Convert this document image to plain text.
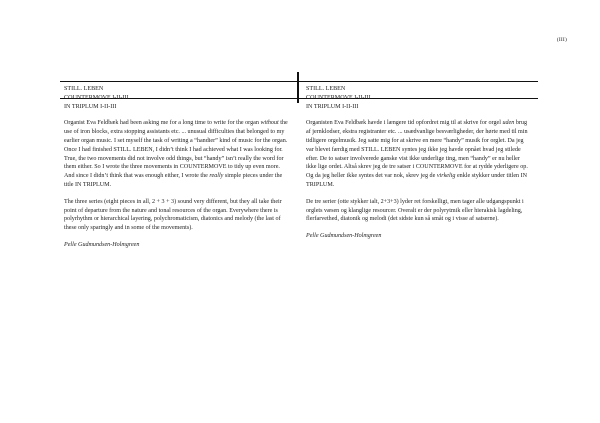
(III)

STILL. LEBEN

COUNTERMOVE I-II-III

IN TRIPLUM I-II-III

Organist Eva Feldbæk had been asking me for a long time to write for the organ without the use of iron blocks, extra stopping assistants etc. ... unusual difficulties that belonged to my earlier organ music. I set myself the task of writing a “handier” kind of music for the organ. Once I had finished STILL. LEBEN, I didn’t think I had achieved what I was looking for. True, the two movements did not involve odd things, but “handy” isn’t really the word for them either. So I wrote the three movements in COUNTERMOVE to tidy up even more. And since I didn’t think that was enough either, I wrote the really simple pieces under the title IN TRIPLUM.

The three series (eight pieces in all, 2 + 3 + 3) sound very different, but they all take their point of departure from the nature and tonal resources of the organ. Everywhere there is polyrhythm or hierarchical layering, polychromaticism, diatonics and melody (the last of these only sparingly and in some of the movements).

Pelle Gudmundsen-Holmgreen

STILL. LEBEN

COUNTERMOVE I-II-III

IN TRIPLUM I-II-III

Organisten Eva Feldbæk havde i længere tid opfordret mig til at skrive for orgel uden brug af jernklodser, ekstra registranter etc. ... usædvanlige besværligheder, der hørte med til min tidligere orgelmusik. Jeg satte mig for at skrive en mere “handy” musik for orglet. Da jeg var blevet færdig med STILL. LEBEN syntes jeg ikke jeg havde opnået hvad jeg stilede efter. De to satser involverede ganske vist ikke underlige ting, men “handy” er nu heller ikke lige ordet. Altså skrev jeg de tre satser i COUNTERMOVE for at rydde yderligere op. Og da jeg heller ikke syntes det var nok, skrev jeg de virkelig enkle stykker under titlen IN TRIPLUM.

De tre serier (otte stykker ialt, 2+3+3) lyder ret forskelligt, men tager alle udgangspunkt i orglets væsen og klanglige resourcer. Overalt er der polyrytmik eller hierakisk lagdeling, flerfarvethed, diatonik og melodi (det sidste kun så småt og i visse af satserne).

Pelle Gudmundsen-Holmgreen
